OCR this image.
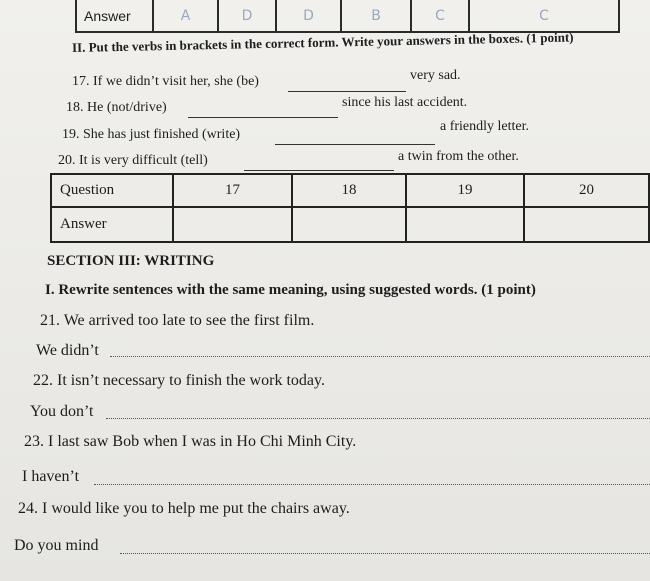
Answer	A	D	D	B	C	C
II. Put the verbs in brackets in the correct form. Write your answers in the boxes. (1 point)
17. If we didn’t visit her, she (be)	very sad.
18. He (not/drive)	since his last accident.
19. She has just finished (write)
a friendly letter.
20. It is very difficult (tell)	a twin from the other.
Question	17	18	19	20
Answer
SECTION III: WRITING
I. Rewrite sentences with the same meaning, using suggested words. (1 point)
21. We arrived too late to see the first film.
We didn’t
22. It isn’t necessary to finish the work today.
You don’t
23. I last saw Bob when I was in Ho Chi Minh City.
I haven’t
24. I would like you to help me put the chairs away.
Do you mind
